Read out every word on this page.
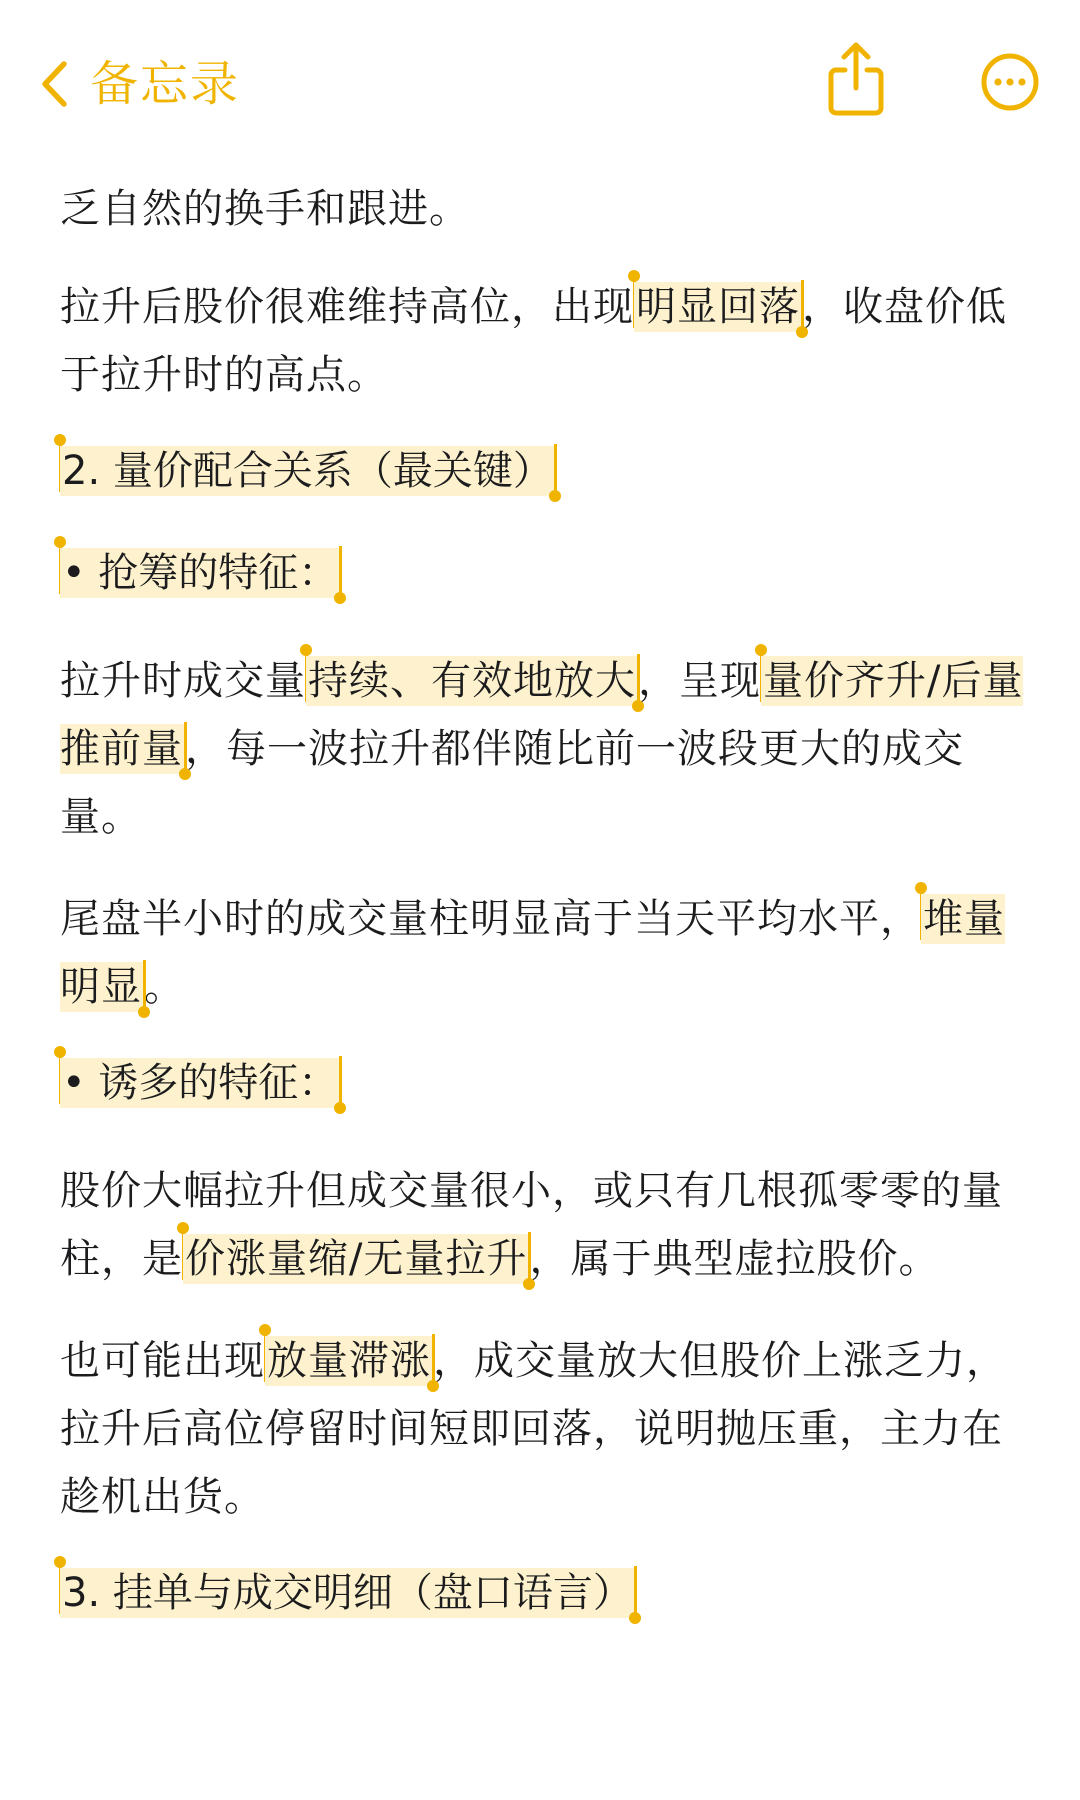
备忘录
乏自然的换手和跟进。
拉升后股价很难维持高位，出现明显回落，收盘价低于拉升时的高点。
2. 量价配合关系（最关键）
• 抢筹的特征：
拉升时成交量持续、有效地放大，呈现量价齐升/后量推前量，每一波拉升都伴随比前一波段更大的成交量。
尾盘半小时的成交量柱明显高于当天平均水平，堆量明显。
• 诱多的特征：
股价大幅拉升但成交量很小，或只有几根孤零零的量柱，是价涨量缩/无量拉升，属于典型虚拉股价。
也可能出现放量滞涨，成交量放大但股价上涨乏力，拉升后高位停留时间短即回落，说明抛压重，主力在趁机出货。
3. 挂单与成交明细（盘口语言）
